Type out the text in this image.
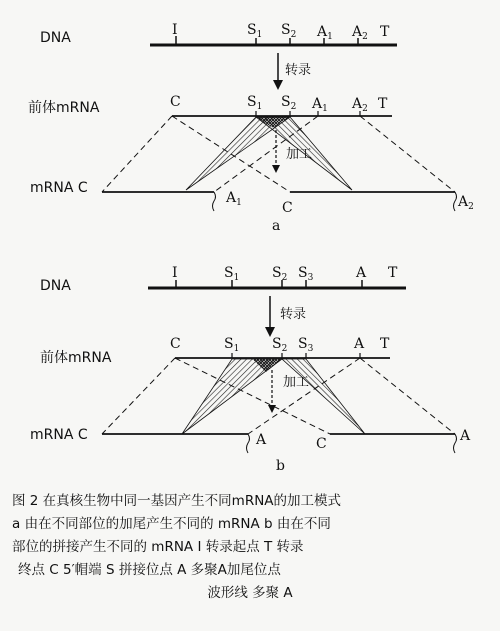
DNA	I	$S_1$ $S_2$ $A_1$ $A_2$ T
转录
前体mRNA	C	$S_1$ $S_2$ $A_1$ $A_2$ T
加工
mRNA C
$A_1$	C	$A_2$
a
DNA
I	$S_1$ $S_2$ $S_3$	A T
转录
前体mRNA
C	$S_1$ $S_2$ $S_3$	A T
加工
mRNA C	A	C	A
b
图 2 在真核生物中同一基因产生不同mRNA的加工模式
a 由在不同部位的加尾产生不同的 mRNA b 由在不同
部位的拼接产生不同的 mRNA I 转录起点 T 转录
终点 C 5′帽端 S 拼接位点 A 多聚A加尾位点
波形线 多聚 A
